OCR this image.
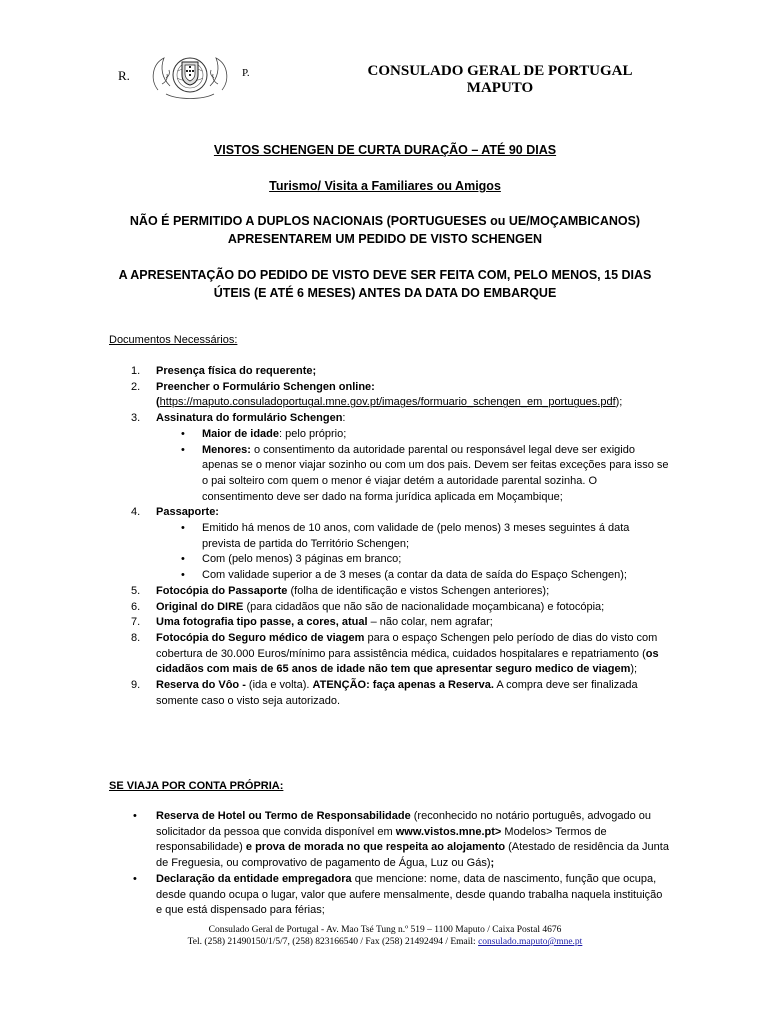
R.	P.	CONSULADO GERAL DE PORTUGAL
MAPUTO
VISTOS SCHENGEN DE CURTA DURAÇÃO – ATÉ 90 DIAS
Turismo/ Visita a Familiares ou Amigos
NÃO É PERMITIDO A DUPLOS NACIONAIS (PORTUGUESES ou UE/MOÇAMBICANOS) APRESENTAREM UM PEDIDO DE VISTO SCHENGEN
A APRESENTAÇÃO DO PEDIDO DE VISTO DEVE SER FEITA COM, PELO MENOS, 15 DIAS ÚTEIS (E ATÉ 6 MESES) ANTES DA DATA DO EMBARQUE
Documentos Necessários:
1. Presença física do requerente;
2. Preencher o Formulário Schengen online:
(https://maputo.consuladoportugal.mne.gov.pt/images/formuario_schengen_em_portugues.pdf);
3. Assinatura do formulário Schengen:
• Maior de idade: pelo próprio;
• Menores: o consentimento da autoridade parental ou responsável legal deve ser exigido apenas se o menor viajar sozinho ou com um dos pais. Devem ser feitas exceções para isso se o pai solteiro com quem o menor é viajar detém a autoridade parental sozinha. O consentimento deve ser dado na forma jurídica aplicada em Moçambique;
4. Passaporte:
• Emitido há menos de 10 anos, com validade de (pelo menos) 3 meses seguintes á data prevista de partida do Território Schengen;
• Com (pelo menos) 3 páginas em branco;
• Com validade superior a de 3 meses (a contar da data de saída do Espaço Schengen);
5. Fotocópia do Passaporte (folha de identificação e vistos Schengen anteriores);
6. Original do DIRE (para cidadãos que não são de nacionalidade moçambicana) e fotocópia;
7. Uma fotografia tipo passe, a cores, atual – não colar, nem agrafar;
8. Fotocópia do Seguro médico de viagem para o espaço Schengen pelo período de dias do visto com cobertura de 30.000 Euros/mínimo para assistência médica, cuidados hospitalares e repatriamento (os cidadãos com mais de 65 anos de idade não tem que apresentar seguro medico de viagem);
9. Reserva do Vôo - (ida e volta). ATENÇÃO: faça apenas a Reserva. A compra deve ser finalizada somente caso o visto seja autorizado.
SE VIAJA POR CONTA PRÓPRIA:
• Reserva de Hotel ou Termo de Responsabilidade (reconhecido no notário português, advogado ou solicitador da pessoa que convida disponível em www.vistos.mne.pt> Modelos> Termos de responsabilidade) e prova de morada no que respeita ao alojamento (Atestado de residência da Junta de Freguesia, ou comprovativo de pagamento de Água, Luz ou Gás);
• Declaração da entidade empregadora que mencione: nome, data de nascimento, função que ocupa, desde quando ocupa o lugar, valor que aufere mensalmente, desde quando trabalha naquela instituição e que está dispensado para férias;
Consulado Geral de Portugal - Av. Mao Tsé Tung n.º 519 – 1100 Maputo / Caixa Postal 4676
Tel. (258) 21490150/1/5/7, (258) 823166540 / Fax (258) 21492494 / Email: consulado.maputo@mne.pt
